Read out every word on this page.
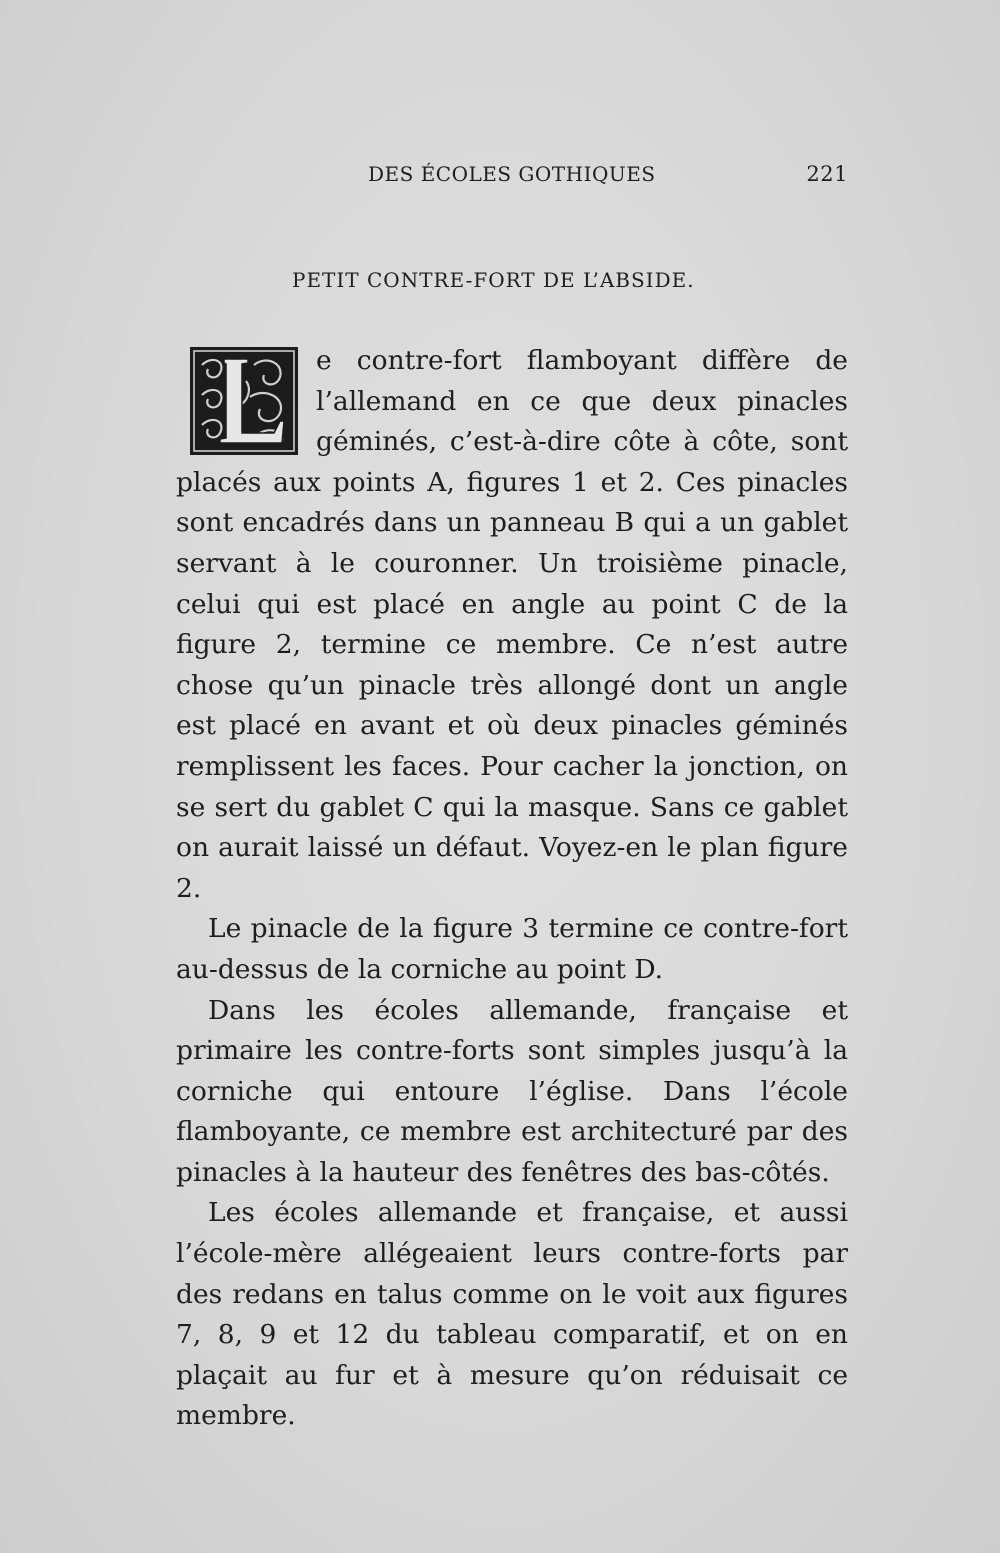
DES ÉCOLES GOTHIQUES	221
PETIT CONTRE-FORT DE L’ABSIDE.

L
e contre-fort flamboyant diffère de l’allemand en ce que deux pinacles géminés, c’est-à-dire côte à côte, sont placés aux points A, figures 1 et 2. Ces pinacles sont encadrés dans un panneau B qui a un gablet servant à le couronner. Un troisième pinacle, celui qui est placé en angle au point C de la figure 2, termine ce membre. Ce n’est autre chose qu’un pinacle très allongé dont un angle est placé en avant et où deux pinacles géminés remplissent les faces. Pour cacher la jonction, on se sert du gablet C qui la masque. Sans ce gablet on aurait laissé un défaut. Voyez-en le plan figure 2.

Le pinacle de la figure 3 termine ce contre-fort au-dessus de la corniche au point D.

Dans les écoles allemande, française et primaire les contre-forts sont simples jusqu’à la corniche qui entoure l’église. Dans l’école flamboyante, ce membre est architecturé par des pinacles à la hauteur des fenêtres des bas-côtés.

Les écoles allemande et française, et aussi l’école-mère allégeaient leurs contre-forts par des redans en talus comme on le voit aux figures 7, 8, 9 et 12 du tableau comparatif, et on en plaçait au fur et à mesure qu’on réduisait ce membre.
